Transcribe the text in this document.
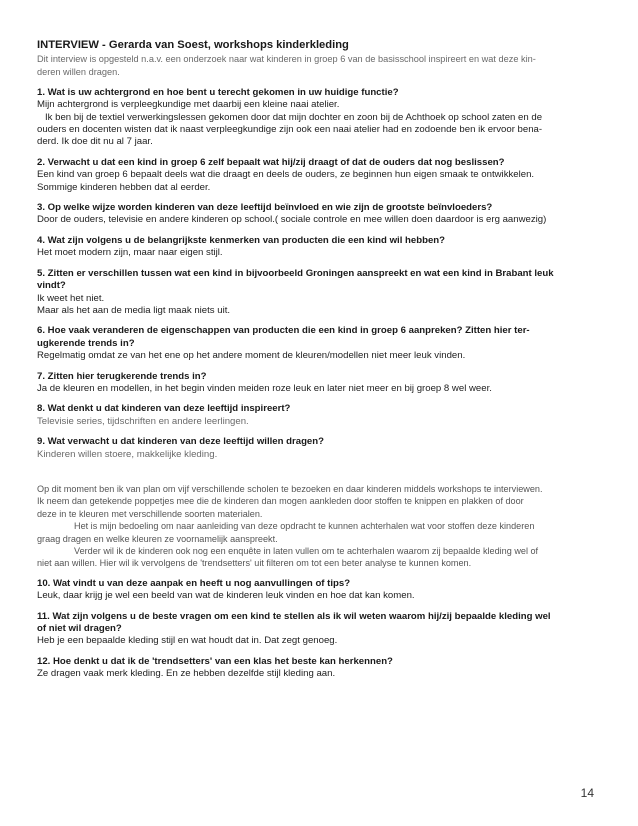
INTERVIEW - Gerarda van Soest, workshops kinderkleding

Dit interview is opgesteld n.a.v. een onderzoek naar wat kinderen in groep 6 van de basisschool inspireert en wat deze kin-

deren willen dragen.

1. Wat is uw achtergrond en hoe bent u terecht gekomen in uw huidige functie?

Mijn achtergrond is verpleegkundige met daarbij een kleine naai atelier.

Ik ben bij de textiel verwerkingslessen gekomen door dat mijn dochter en zoon bij de Achthoek op school zaten en de

ouders en docenten wisten dat ik naast verpleegkundige zijn ook een naai atelier had en zodoende ben ik ervoor bena-

derd. Ik doe dit nu al 7 jaar.

2. Verwacht u dat een kind in groep 6 zelf bepaalt wat hij/zij draagt of dat de ouders dat nog beslissen?

Een kind van groep 6 bepaalt deels wat die draagt en deels de ouders, ze beginnen hun eigen smaak te ontwikkelen.

Sommige kinderen hebben dat al eerder.

3. Op welke wijze worden kinderen van deze leeftijd beïnvloed en wie zijn de grootste beïnvloeders?

Door de ouders, televisie en andere kinderen op school.( sociale controle en mee willen doen daardoor is erg aanwezig)

4. Wat zijn volgens u de belangrijkste kenmerken van producten die een kind wil hebben?

Het moet modern zijn, maar naar eigen stijl.

5. Zitten er verschillen tussen wat een kind in bijvoorbeeld Groningen aanspreekt en wat een kind in Brabant leuk

vindt?

Ik weet het niet.

Maar als het aan de media ligt maak niets uit.

6. Hoe vaak veranderen de eigenschappen van producten die een kind in groep 6 aanpreken? Zitten hier ter-

ugkerende trends in?

Regelmatig omdat ze van het ene op het andere moment de kleuren/modellen niet meer leuk vinden.

7. Zitten hier terugkerende trends in?

Ja de kleuren en modellen, in het begin vinden meiden roze leuk en later niet meer en bij groep 8 wel weer.

8. Wat denkt u dat kinderen van deze leeftijd inspireert?

Televisie series, tijdschriften en andere leerlingen.

9. Wat verwacht u dat kinderen van deze leeftijd willen dragen?

Kinderen willen stoere, makkelijke kleding.

Op dit moment ben ik van plan om vijf verschillende scholen te bezoeken en daar kinderen middels workshops te interviewen.

Ik neem dan getekende poppetjes mee die de kinderen dan mogen aankleden door stoffen te knippen en plakken of door

deze in te kleuren met verschillende soorten materialen.

Het is mijn bedoeling om naar aanleiding van deze opdracht te kunnen achterhalen wat voor stoffen deze kinderen

graag dragen en welke kleuren ze voornamelijk aanspreekt.

Verder wil ik de kinderen ook nog een enquête in laten vullen om te achterhalen waarom zij bepaalde kleding wel of

niet aan willen. Hier wil ik vervolgens de 'trendsetters' uit filteren om tot een beter analyse te kunnen komen.

10. Wat vindt u van deze aanpak en heeft u nog aanvullingen of tips?

Leuk, daar krijg je wel een beeld van wat de kinderen leuk vinden en hoe dat kan komen.

11. Wat zijn volgens u de beste vragen om een kind te stellen als ik wil weten waarom hij/zij bepaalde kleding wel

of niet wil dragen?

Heb je een bepaalde kleding stijl en wat houdt dat in. Dat zegt genoeg.

12. Hoe denkt u dat ik de 'trendsetters' van een klas het beste kan herkennen?

Ze dragen vaak merk kleding. En ze hebben dezelfde stijl kleding aan.

14
